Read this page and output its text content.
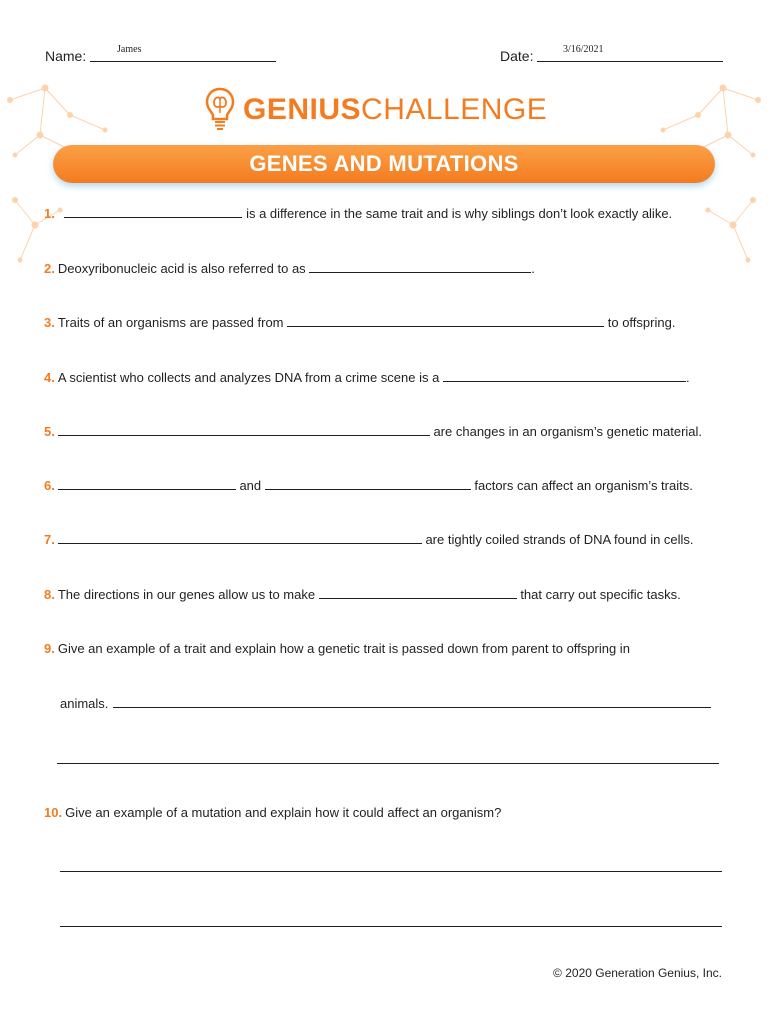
Name:	James	Date:	3/16/2021
GENIUSCHALLENGE
GENES AND MUTATIONS
1.	is a difference in the same trait and is why siblings don’t look exactly alike.
2. Deoxyribonucleic acid is also referred to as	.
3. Traits of an organisms are passed from	to offspring.
4. A scientist who collects and analyzes DNA from a crime scene is a	.
5.	are changes in an organism’s genetic material.
6.	and	factors can affect an organism’s traits.
7.	are tightly coiled strands of DNA found in cells.
8. The directions in our genes allow us to make	that carry out specific tasks.
9. Give an example of a trait and explain how a genetic trait is passed down from parent to offspring in
animals.
10. Give an example of a mutation and explain how it could affect an organism?
© 2020 Generation Genius, Inc.
